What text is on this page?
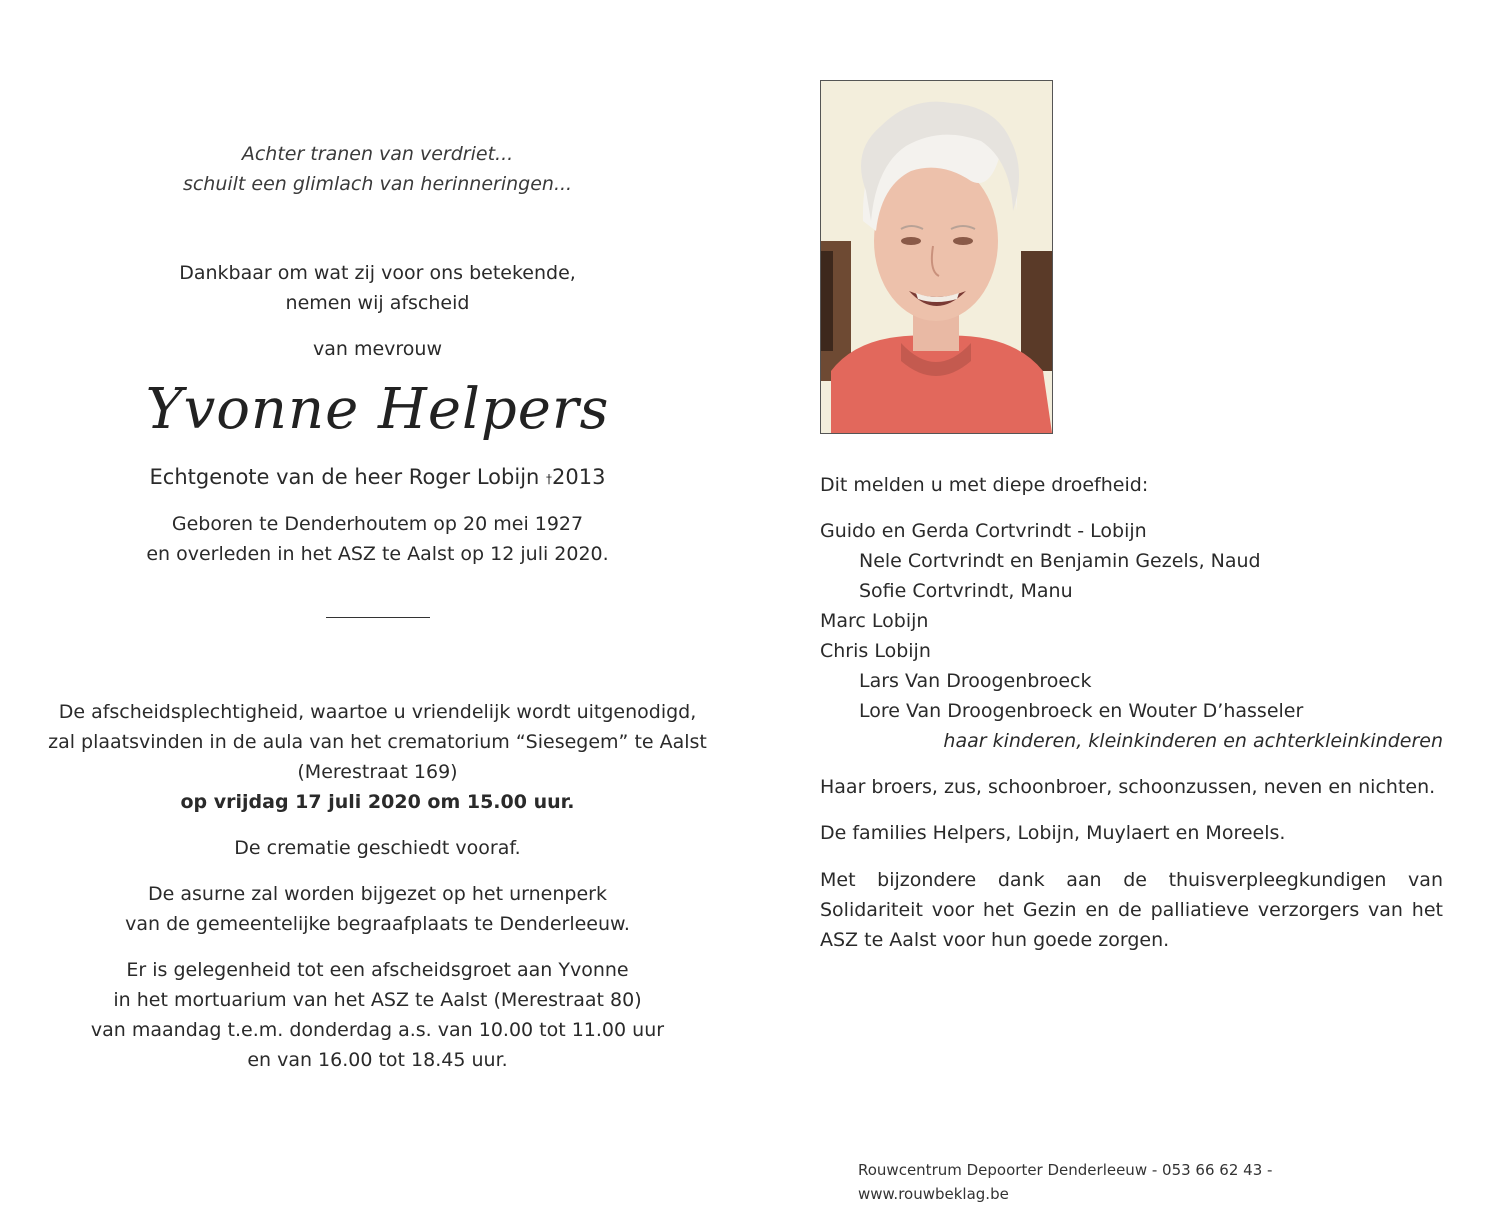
Achter tranen van verdriet...

schuilt een glimlach van herinneringen...

Dankbaar om wat zij voor ons betekende,

nemen wij afscheid

van mevrouw

Yvonne Helpers
Echtgenote van de heer Roger Lobijn †2013

Geboren te Denderhoutem op 20 mei 1927

en overleden in het ASZ te Aalst op 12 juli 2020.

De afscheidsplechtigheid, waartoe u vriendelijk wordt uitgenodigd,

zal plaatsvinden in de aula van het crematorium “Siesegem” te Aalst

(Merestraat 169)

op vrijdag 17 juli 2020 om 15.00 uur.

De crematie geschiedt vooraf.

De asurne zal worden bijgezet op het urnenperk

van de gemeentelijke begraafplaats te Denderleeuw.

Er is gelegenheid tot een afscheidsgroet aan Yvonne

in het mortuarium van het ASZ te Aalst (Merestraat 80)

van maandag t.e.m. donderdag a.s. van 10.00 tot 11.00 uur

en van 16.00 tot 18.45 uur.

Dit melden u met diepe droefheid:

Guido en Gerda Cortvrindt - Lobijn

Nele Cortvrindt en Benjamin Gezels, Naud

Sofie Cortvrindt, Manu

Marc Lobijn

Chris Lobijn

Lars Van Droogenbroeck

Lore Van Droogenbroeck en Wouter D’hasseler

haar kinderen, kleinkinderen en achterkleinkinderen

Haar broers, zus, schoonbroer, schoonzussen, neven en nichten.
De families Helpers, Lobijn, Muylaert en Moreels.
Met bijzondere dank aan de thuisverpleegkundigen van Solidariteit voor het Gezin en de palliatieve verzorgers van het ASZ te Aalst voor hun goede zorgen.
Rouwcentrum Depoorter Denderleeuw - 053 66 62 43 - www.rouwbeklag.be
